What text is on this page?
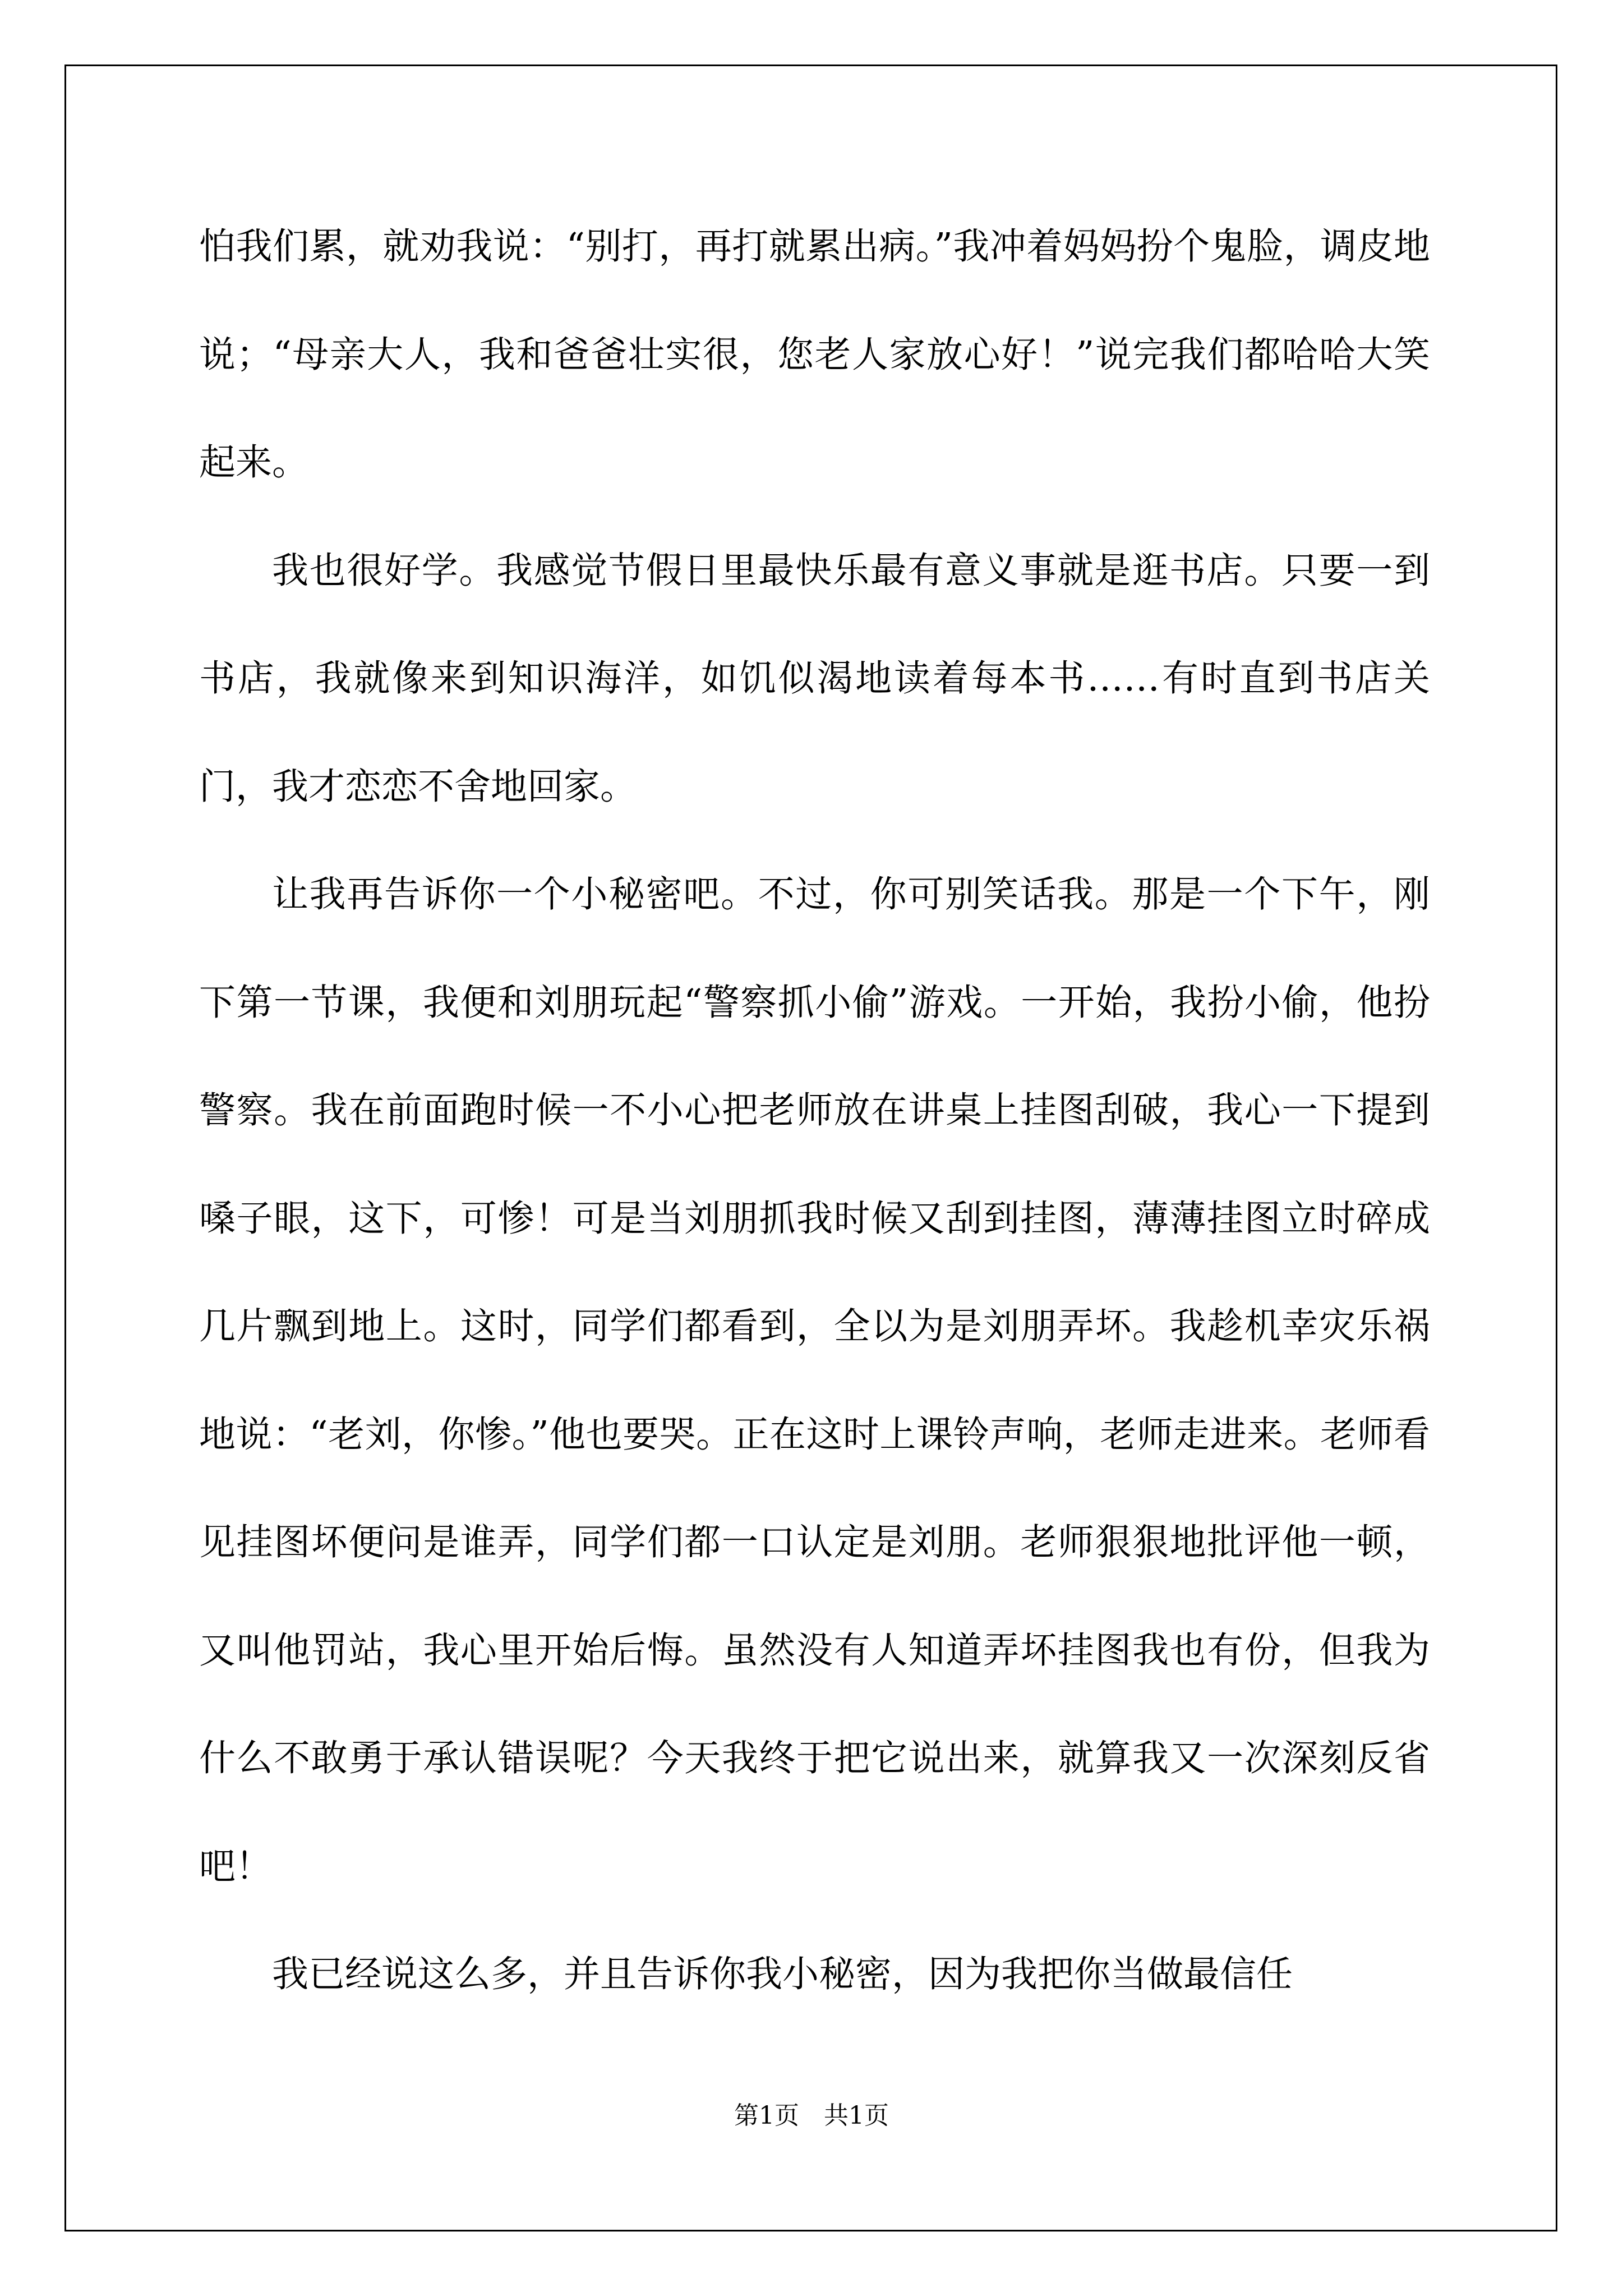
怕我们累，就劝我说：“别打，再打就累出病。”我冲着妈妈扮个鬼脸，调皮地说；“母亲大人，我和爸爸壮实很，您老人家放心好！”说完我们都哈哈大笑起来。

我也很好学。我感觉节假日里最快乐最有意义事就是逛书店。只要一到书店，我就像来到知识海洋，如饥似渴地读着每本书……有时直到书店关门，我才恋恋不舍地回家。

让我再告诉你一个小秘密吧。不过，你可别笑话我。那是一个下午，刚下第一节课，我便和刘朋玩起“警察抓小偷”游戏。一开始，我扮小偷，他扮警察。我在前面跑时候一不小心把老师放在讲桌上挂图刮破，我心一下提到嗓子眼，这下，可惨！可是当刘朋抓我时候又刮到挂图，薄薄挂图立时碎成几片飘到地上。这时，同学们都看到，全以为是刘朋弄坏。我趁机幸灾乐祸地说：“老刘，你惨。”他也要哭。正在这时上课铃声响，老师走进来。老师看见挂图坏便问是谁弄，同学们都一口认定是刘朋。老师狠狠地批评他一顿，又叫他罚站，我心里开始后悔。虽然没有人知道弄坏挂图我也有份，但我为什么不敢勇于承认错误呢？今天我终于把它说出来，就算我又一次深刻反省吧！

我已经说这么多，并且告诉你我小秘密，因为我把你当做最信任

第1页 共1页
